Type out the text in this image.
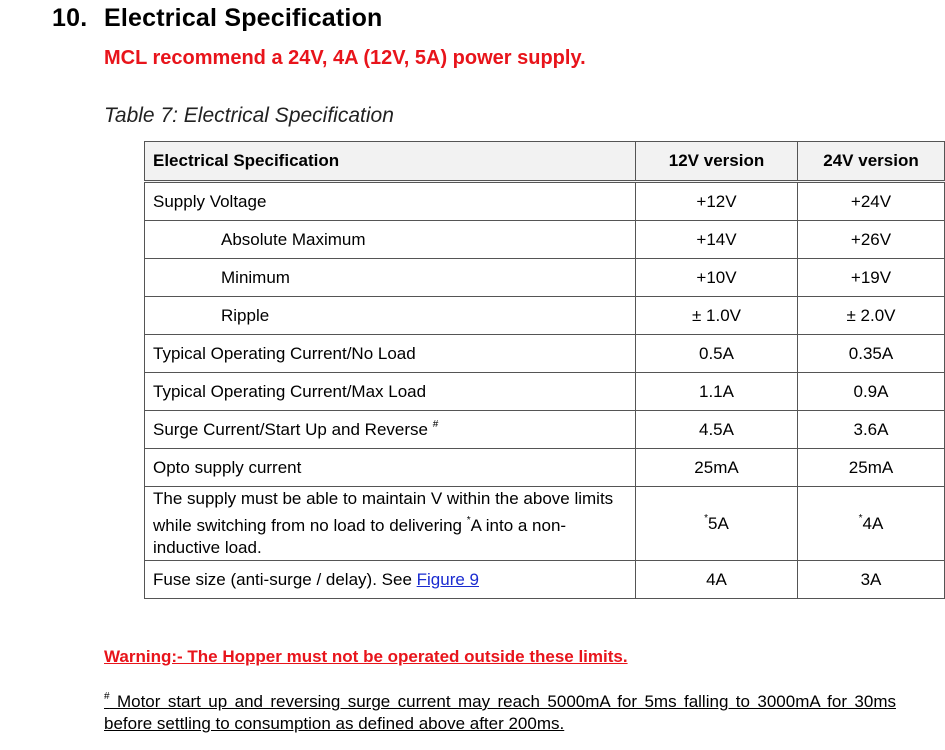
10. Electrical Specification
MCL recommend a 24V, 4A (12V, 5A) power supply.
Table 7: Electrical Specification
Electrical Specification	12V version	24V version
Supply Voltage	+12V	+24V
Absolute Maximum	+14V	+26V
Minimum	+10V	+19V
Ripple	± 1.0V	± 2.0V
Typical Operating Current/No Load	0.5A	0.35A
Typical Operating Current/Max Load	1.1A	0.9A
Surge Current/Start Up and Reverse #	4.5A	3.6A
Opto supply current	25mA	25mA
The supply must be able to maintain V within the above limits while switching from no load to delivering *A into a non-inductive load.	*5A	*4A
Fuse size (anti-surge / delay). See Figure 9	4A	3A
Warning:- The Hopper must not be operated outside these limits.
# Motor start up and reversing surge current may reach 5000mA for 5ms falling to 3000mA for 30ms before settling to consumption as defined above after 200ms.
